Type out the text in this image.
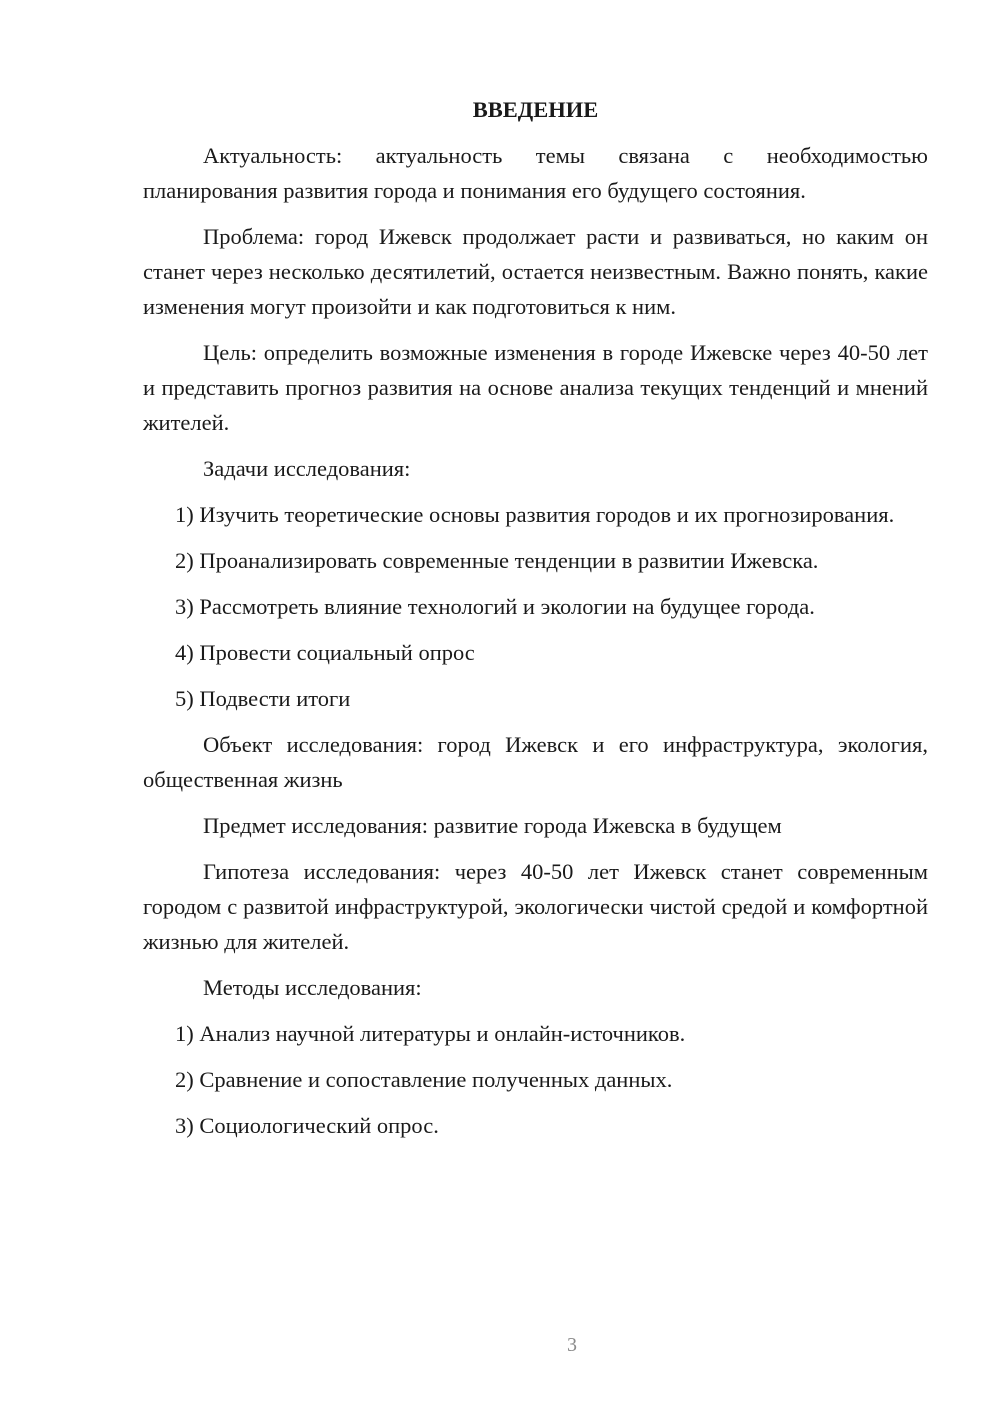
ВВЕДЕНИЕ

Актуальность: актуальность темы связана с необходимостью планирования развития города и понимания его будущего состояния.

Проблема: город Ижевск продолжает расти и развиваться, но каким он станет через несколько десятилетий, остается неизвестным. Важно понять, какие изменения могут произойти и как подготовиться к ним.

Цель: определить возможные изменения в городе Ижевске через 40-50 лет и представить прогноз развития на основе анализа текущих тенденций и мнений жителей.

Задачи исследования:

1) Изучить теоретические основы развития городов и их прогнозирования.

2) Проанализировать современные тенденции в развитии Ижевска.

3) Рассмотреть влияние технологий и экологии на будущее города.

4) Провести социальный опрос

5) Подвести итоги

Объект исследования: город Ижевск и его инфраструктура, экология, общественная жизнь

Предмет исследования: развитие города Ижевска в будущем

Гипотеза исследования: через 40-50 лет Ижевск станет современным городом с развитой инфраструктурой, экологически чистой средой и комфортной жизнью для жителей.

Методы исследования:

1) Анализ научной литературы и онлайн-источников.

2) Сравнение и сопоставление полученных данных.

3) Социологический опрос.

3
